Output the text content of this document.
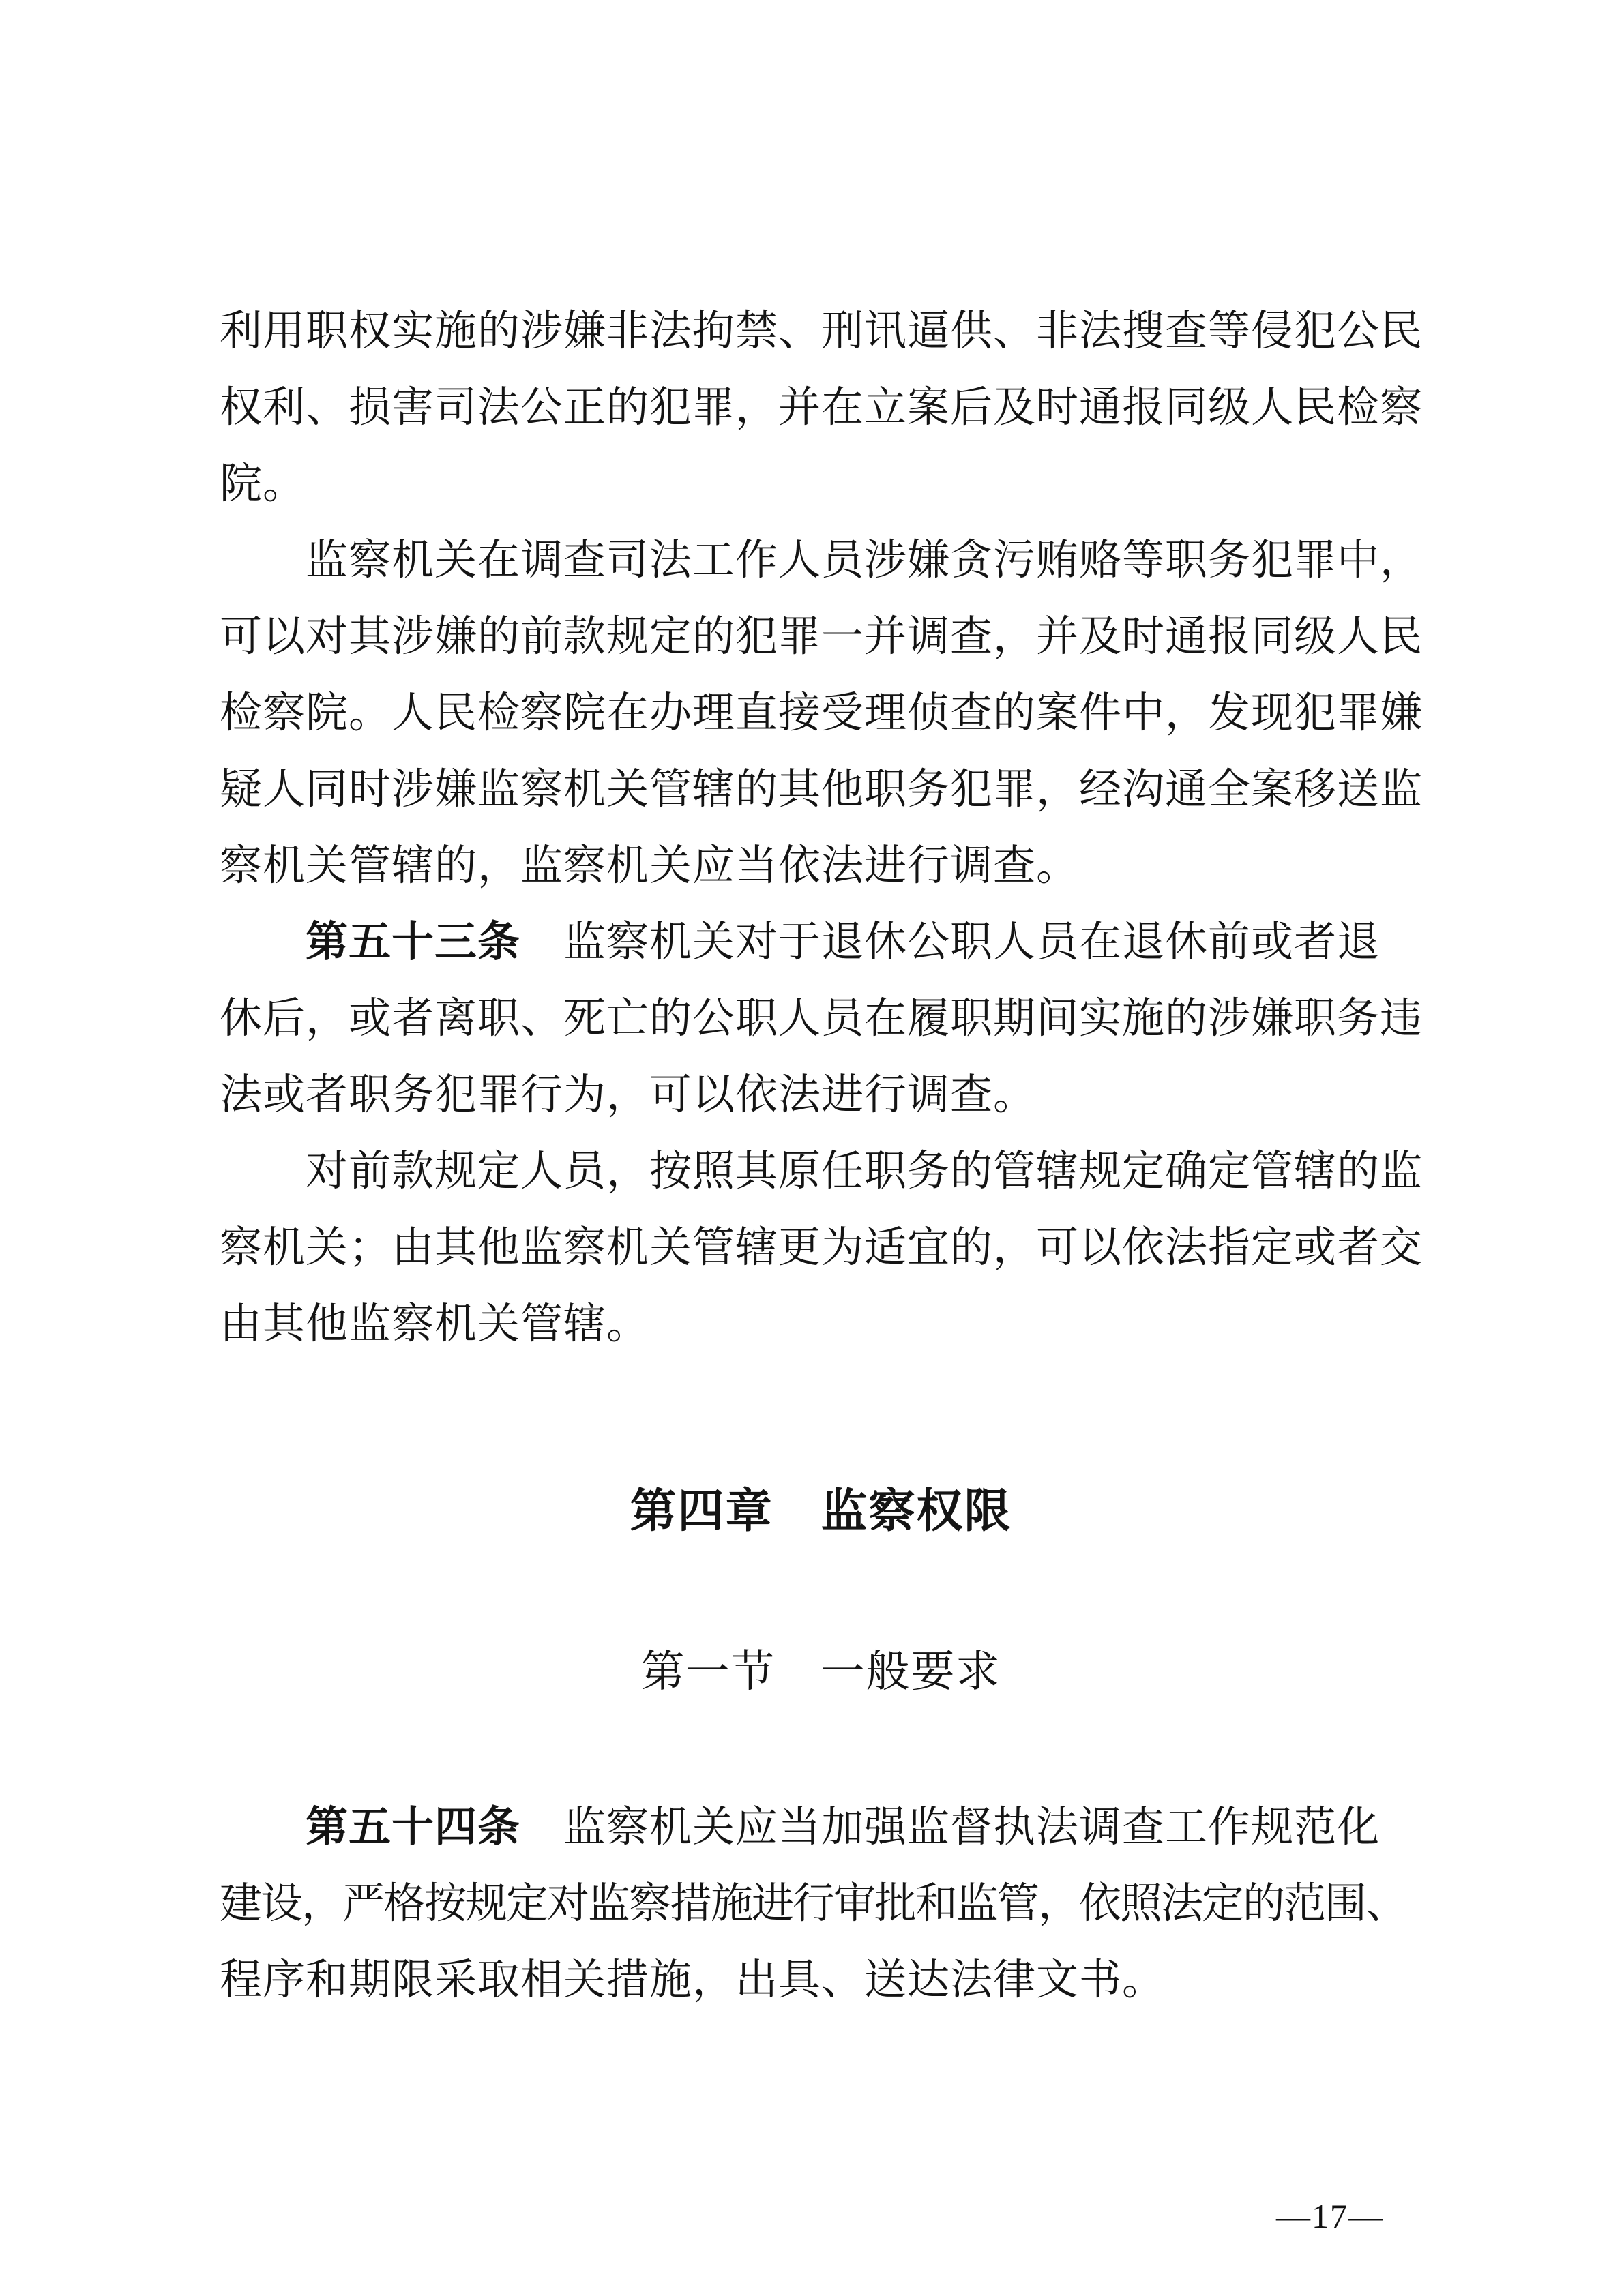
利用职权实施的涉嫌非法拘禁、刑讯逼供、非法搜查等侵犯公民
权利、损害司法公正的犯罪，并在立案后及时通报同级人民检察
院。
监察机关在调查司法工作人员涉嫌贪污贿赂等职务犯罪中，
可以对其涉嫌的前款规定的犯罪一并调查，并及时通报同级人民
检察院。人民检察院在办理直接受理侦查的案件中，发现犯罪嫌
疑人同时涉嫌监察机关管辖的其他职务犯罪，经沟通全案移送监
察机关管辖的，监察机关应当依法进行调查。
第五十三条　监察机关对于退休公职人员在退休前或者退
休后，或者离职、死亡的公职人员在履职期间实施的涉嫌职务违
法或者职务犯罪行为，可以依法进行调查。
对前款规定人员，按照其原任职务的管辖规定确定管辖的监
察机关；由其他监察机关管辖更为适宜的，可以依法指定或者交
由其他监察机关管辖。
第四章　监察权限
第一节　一般要求
第五十四条　监察机关应当加强监督执法调查工作规范化
建设，严格按规定对监察措施进行审批和监管，依照法定的范围、
程序和期限采取相关措施，出具、送达法律文书。
—17—
